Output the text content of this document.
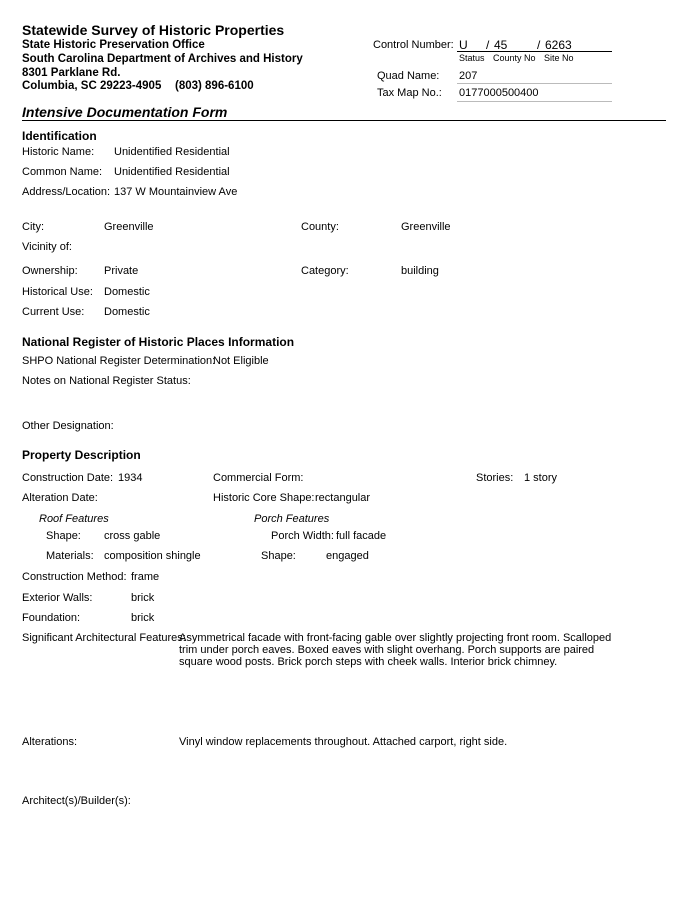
Statewide Survey of Historic Properties
State Historic Preservation Office
South Carolina Department of Archives and History
8301 Parklane Rd.
Columbia, SC 29223-4905 (803) 896-6100
Control Number: U / 45 / 6263
Status County No Site No
Quad Name: 207
Tax Map No.: 0177000500400
Intensive Documentation Form
Identification
Historic Name: Unidentified Residential
Common Name: Unidentified Residential
Address/Location: 137 W Mountainview Ave
City:	Greenville	County:	Greenville
Vicinity of:
Ownership: Private	Category:	building
Historical Use: Domestic
Current Use: Domestic
National Register of Historic Places Information
SHPO National Register Determination:
Not Eligible
Notes on National Register Status:
Other Designation:
Property Description
Construction Date: 1934	Commercial Form:	Stories: 1 story
Alteration Date:	Historic Core Shape: rectangular
Roof Features	Porch Features
Shape: cross gable	Porch Width: full facade
Materials: composition shingle	Shape:	engaged
Construction Method: frame
Exterior Walls:	brick
Foundation:	brick
Significant Architectural Features:
Asymmetrical facade with front-facing gable over slightly projecting front room. Scalloped trim under porch eaves. Boxed eaves with slight overhang. Porch supports are paired square wood posts. Brick porch steps with cheek walls. Interior brick chimney.
Alterations:	Vinyl window replacements throughout. Attached carport, right side.
Architect(s)/Builder(s):
